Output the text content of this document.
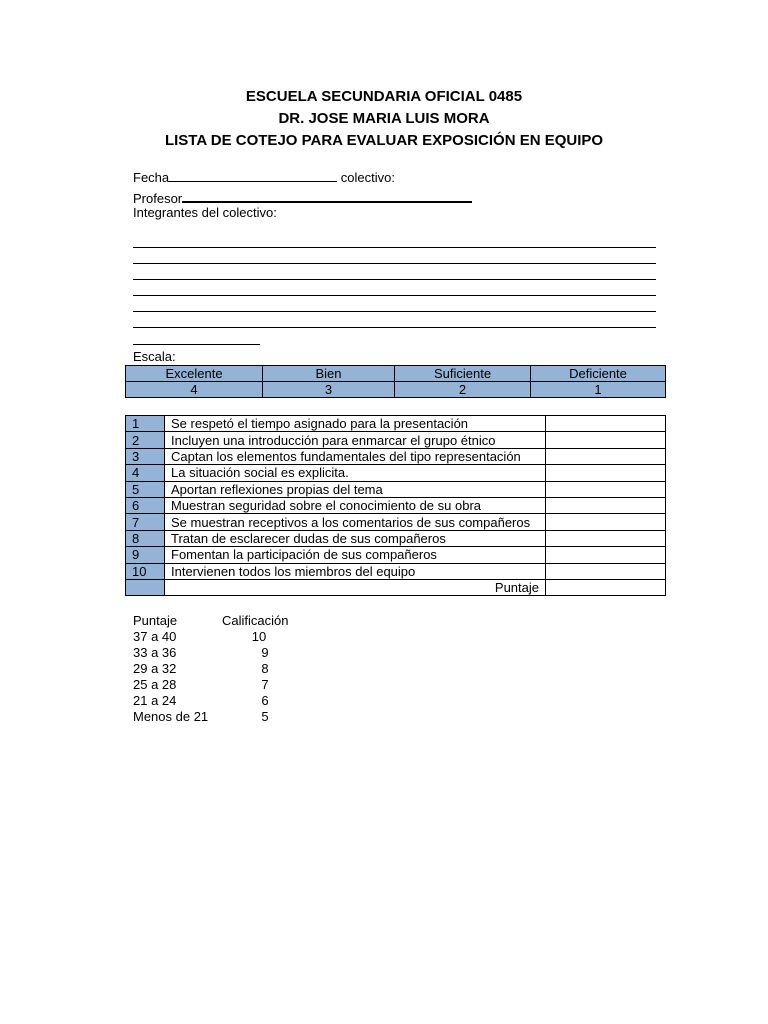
ESCUELA SECUNDARIA OFICIAL 0485
DR. JOSE MARIA LUIS MORA
LISTA DE COTEJO PARA EVALUAR EXPOSICIÓN EN EQUIPO
Fecha	colectivo:
Profesor
Integrantes del colectivo:
Escala:
Excelente	Bien	Suficiente	Deficiente
4	3	2	1
1	Se respetó el tiempo asignado para la presentación	
2	Incluyen una introducción para enmarcar el grupo étnico	
3	Captan los elementos fundamentales del tipo representación	
4	La situación social es explicita.	
5	Aportan reflexiones propias del tema	
6	Muestran seguridad sobre el conocimiento de su obra	
7	Se muestran receptivos a los comentarios de sus compañeros	
8	Tratan de esclarecer dudas de sus compañeros	
9	Fomentan la participación de sus compañeros	
10	Intervienen todos los miembros del equipo	
	Puntaje	
Puntaje	Calificación
37 a 40	10
33 a 36	9
29 a 32	8
25 a 28	7
21 a 24	6
Menos de 21	5
